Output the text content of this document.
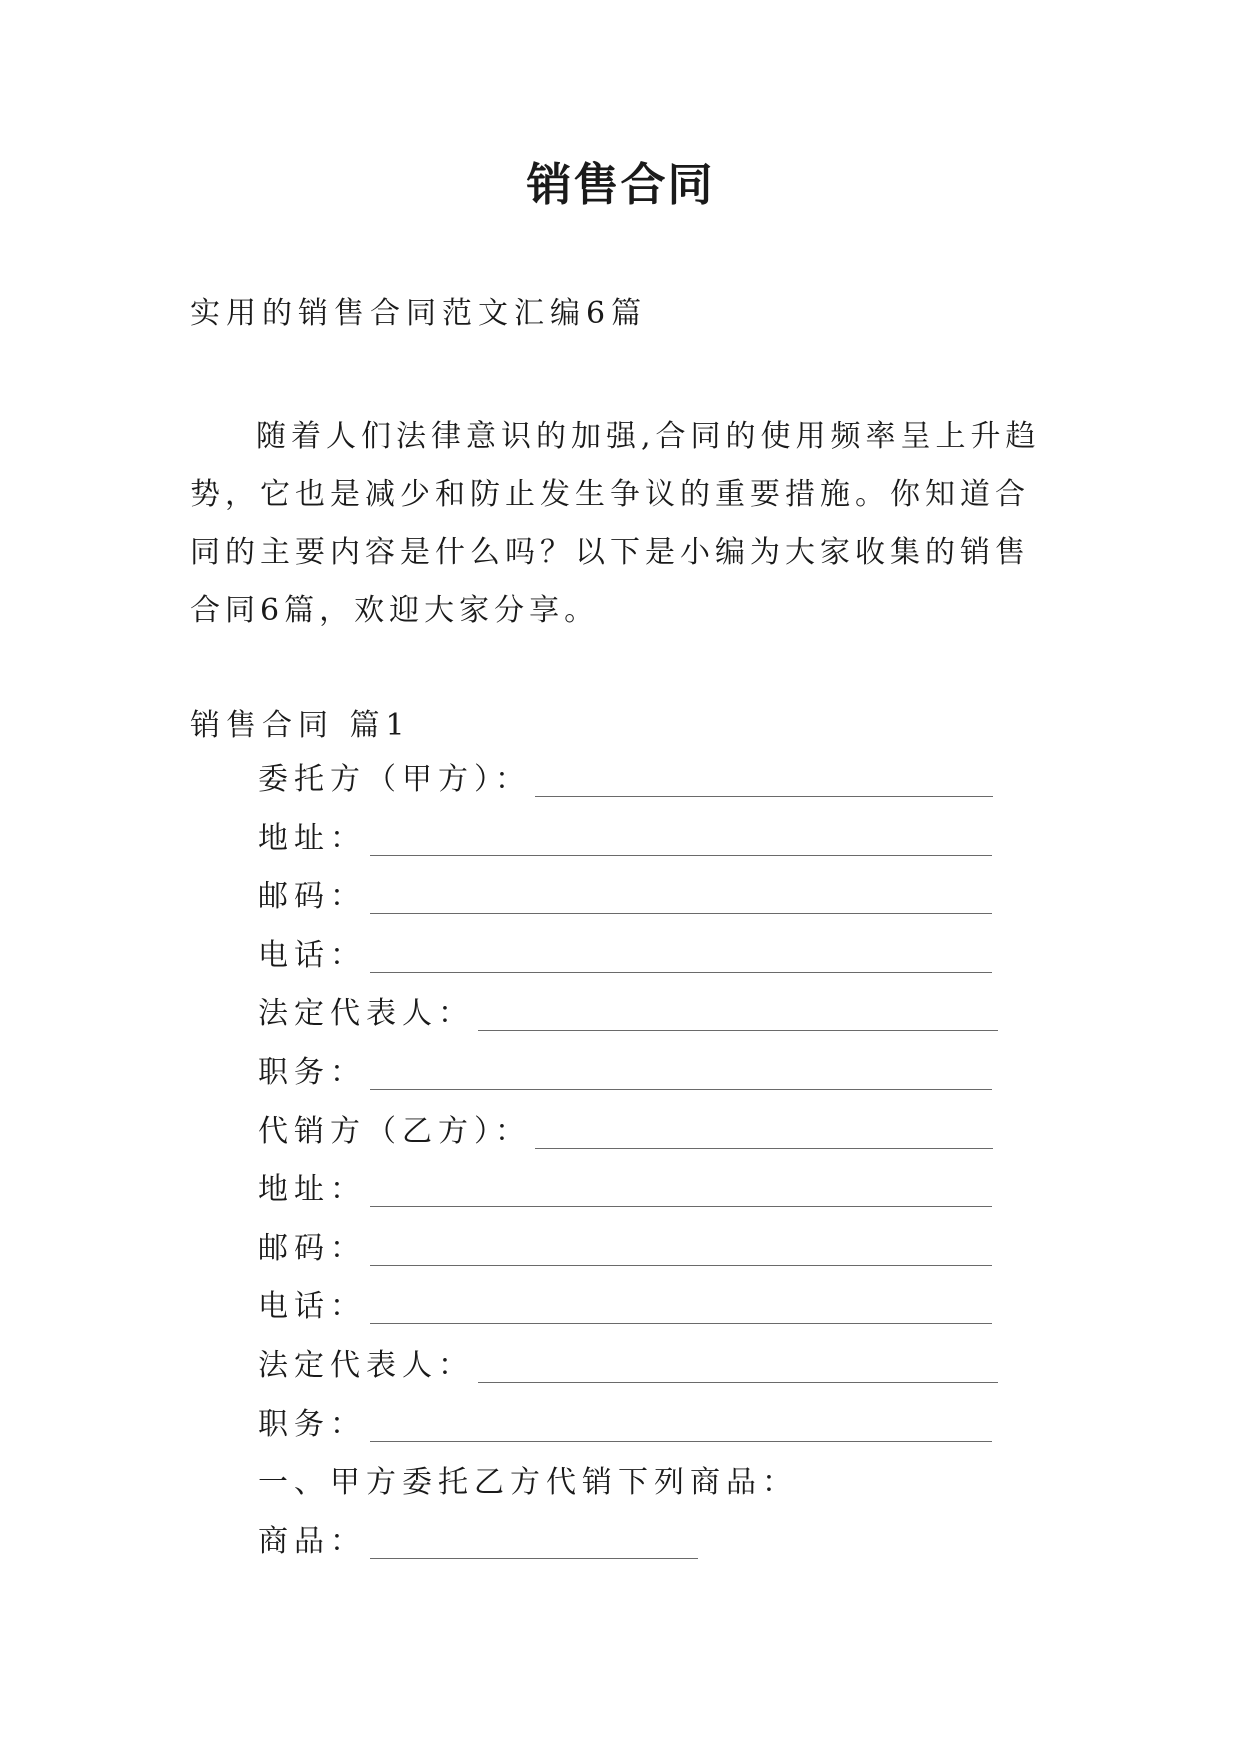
销售合同
实用的销售合同范文汇编6篇

随着人们法律意识的加强,合同的使用频率呈上升趋势，它也是减少和防止发生争议的重要措施。你知道合同的主要内容是什么吗？以下是小编为大家收集的销售合同6篇，欢迎大家分享。

销售合同 篇1
委托方（甲方）：
地址：
邮码：
电话：
法定代表人：
职务：
代销方（乙方）：
地址：
邮码：
电话：
法定代表人：
职务：
一、甲方委托乙方代销下列商品：
商品：
